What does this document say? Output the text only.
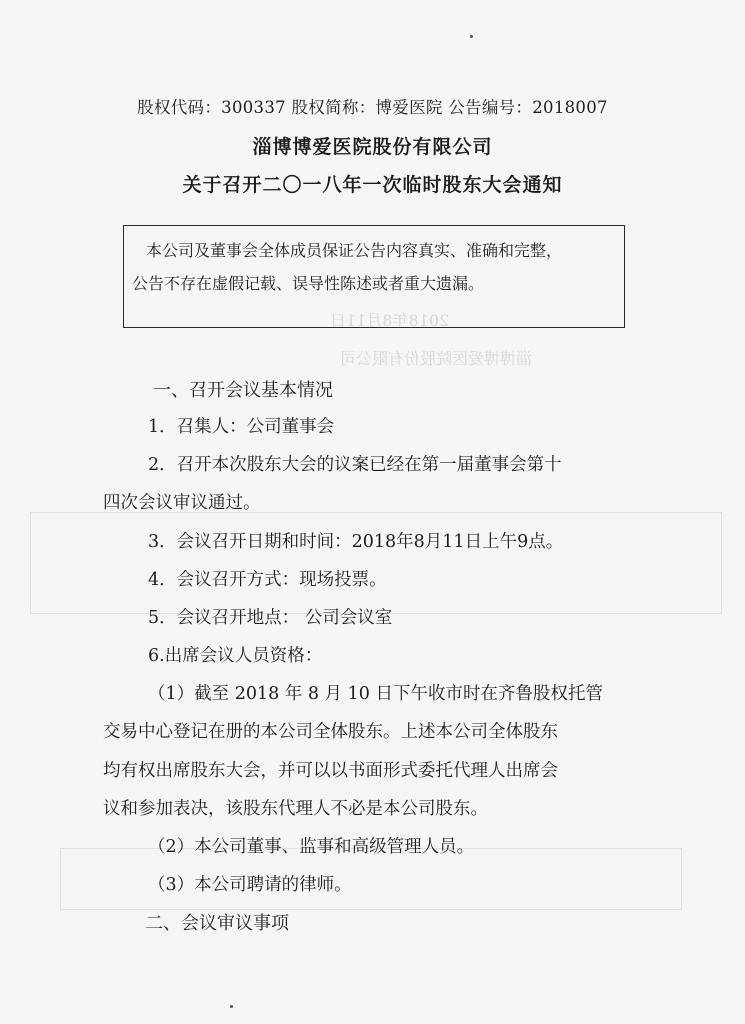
2018年8月11日
淄博博爱医院股份有限公司
股权代码：300337 股权简称：博爱医院 公告编号：2018007
淄博博爱医院股份有限公司
关于召开二〇一八年一次临时股东大会通知
本公司及董事会全体成员保证公告内容真实、准确和完整，
公告不存在虚假记载、误导性陈述或者重大遗漏。
一、召开会议基本情况
1．召集人：公司董事会
2．召开本次股东大会的议案已经在第一届董事会第十
四次会议审议通过。
3．会议召开日期和时间：2018年8月11日上午9点。
4．会议召开方式：现场投票。
5．会议召开地点： 公司会议室
6.出席会议人员资格：
（1）截至 2018 年 8 月 10 日下午收市时在齐鲁股权托管
交易中心登记在册的本公司全体股东。上述本公司全体股东
均有权出席股东大会，并可以以书面形式委托代理人出席会
议和参加表决，该股东代理人不必是本公司股东。
（2）本公司董事、监事和高级管理人员。
（3）本公司聘请的律师。
二、会议审议事项
